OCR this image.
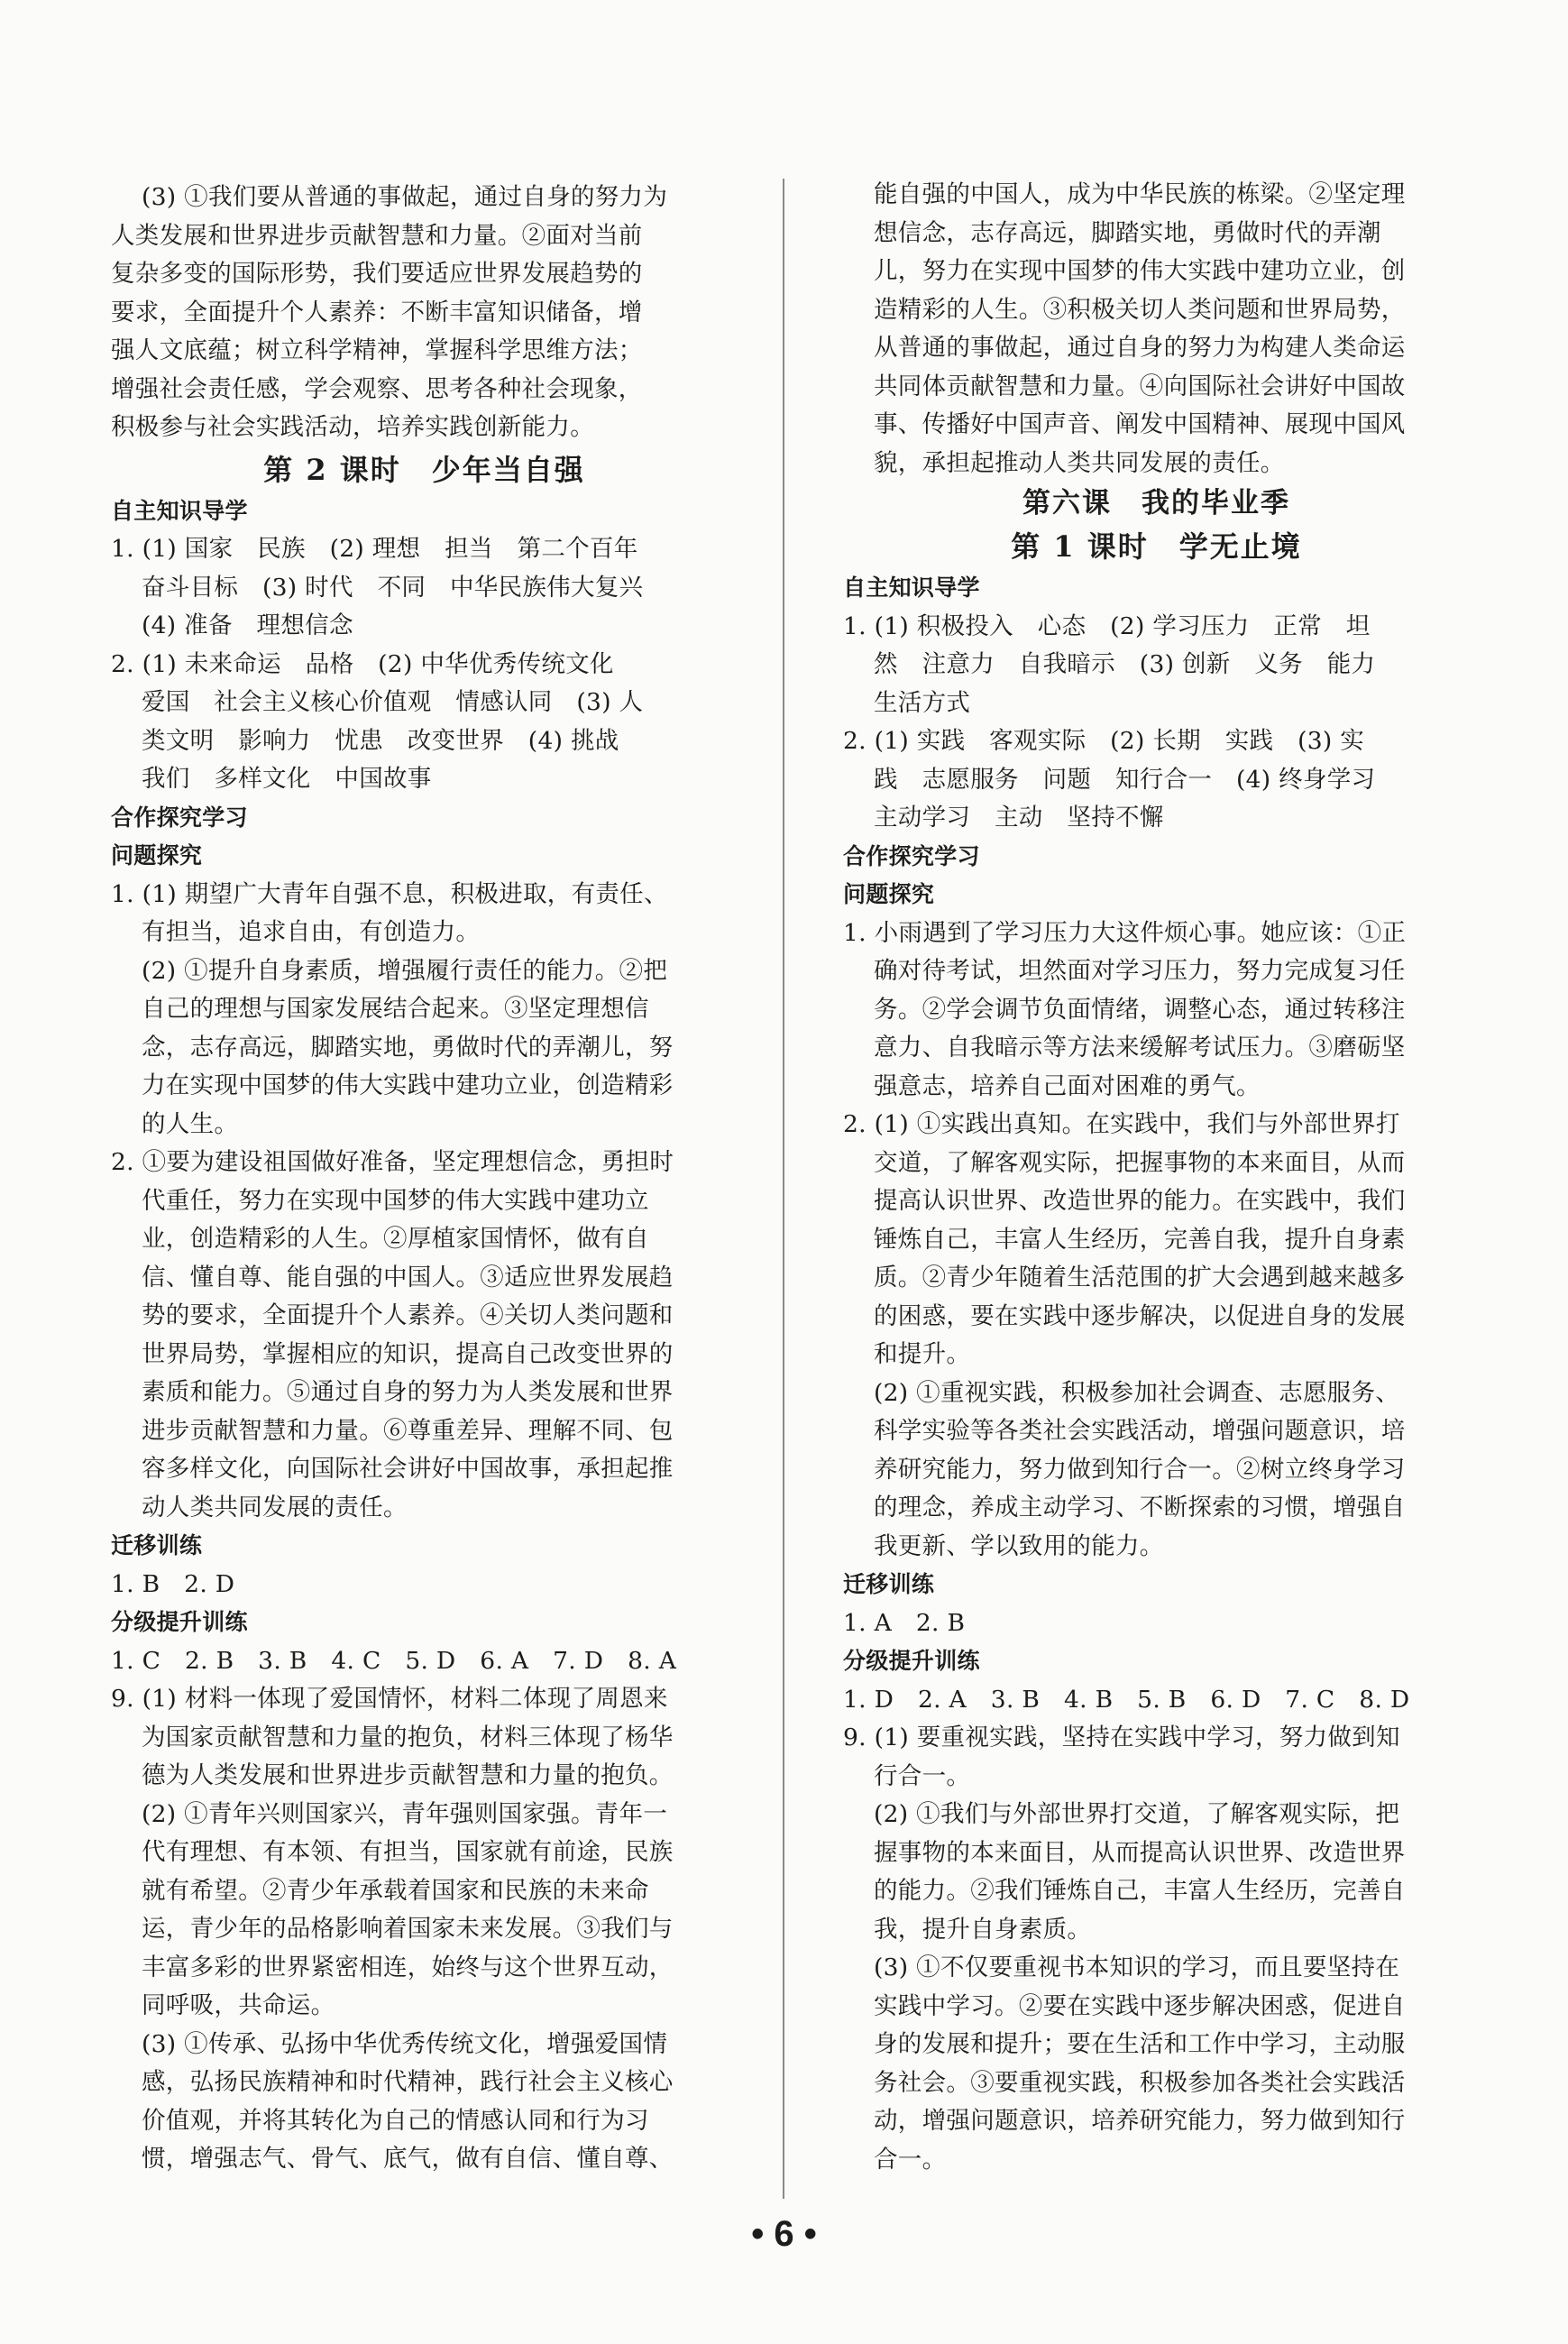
(3) ①我们要从普通的事做起，通过自身的努力为
人类发展和世界进步贡献智慧和力量。②面对当前
复杂多变的国际形势，我们要适应世界发展趋势的
要求，全面提升个人素养：不断丰富知识储备，增
强人文底蕴；树立科学精神，掌握科学思维方法；
增强社会责任感，学会观察、思考各种社会现象，
积极参与社会实践活动，培养实践创新能力。
第 2 课时　少年当自强
自主知识导学
1. (1) 国家　民族　(2) 理想　担当　第二个百年
奋斗目标　(3) 时代　不同　中华民族伟大复兴
(4) 准备　理想信念
2. (1) 未来命运　品格　(2) 中华优秀传统文化
爱国　社会主义核心价值观　情感认同　(3) 人
类文明　影响力　忧患　改变世界　(4) 挑战
我们　多样文化　中国故事
合作探究学习
问题探究
1. (1) 期望广大青年自强不息，积极进取，有责任、
有担当，追求自由，有创造力。
(2) ①提升自身素质，增强履行责任的能力。②把
自己的理想与国家发展结合起来。③坚定理想信
念，志存高远，脚踏实地，勇做时代的弄潮儿，努
力在实现中国梦的伟大实践中建功立业，创造精彩
的人生。
2. ①要为建设祖国做好准备，坚定理想信念，勇担时
代重任，努力在实现中国梦的伟大实践中建功立
业，创造精彩的人生。②厚植家国情怀，做有自
信、懂自尊、能自强的中国人。③适应世界发展趋
势的要求，全面提升个人素养。④关切人类问题和
世界局势，掌握相应的知识，提高自己改变世界的
素质和能力。⑤通过自身的努力为人类发展和世界
进步贡献智慧和力量。⑥尊重差异、理解不同、包
容多样文化，向国际社会讲好中国故事，承担起推
动人类共同发展的责任。
迁移训练
1. B　2. D
分级提升训练
1. C　2. B　3. B　4. C　5. D　6. A　7. D　8. A
9. (1) 材料一体现了爱国情怀，材料二体现了周恩来
为国家贡献智慧和力量的抱负，材料三体现了杨华
德为人类发展和世界进步贡献智慧和力量的抱负。
(2) ①青年兴则国家兴，青年强则国家强。青年一
代有理想、有本领、有担当，国家就有前途，民族
就有希望。②青少年承载着国家和民族的未来命
运，青少年的品格影响着国家未来发展。③我们与
丰富多彩的世界紧密相连，始终与这个世界互动，
同呼吸，共命运。
(3) ①传承、弘扬中华优秀传统文化，增强爱国情
感，弘扬民族精神和时代精神，践行社会主义核心
价值观，并将其转化为自己的情感认同和行为习
惯，增强志气、骨气、底气，做有自信、懂自尊、
能自强的中国人，成为中华民族的栋梁。②坚定理
想信念，志存高远，脚踏实地，勇做时代的弄潮
儿，努力在实现中国梦的伟大实践中建功立业，创
造精彩的人生。③积极关切人类问题和世界局势，
从普通的事做起，通过自身的努力为构建人类命运
共同体贡献智慧和力量。④向国际社会讲好中国故
事、传播好中国声音、阐发中国精神、展现中国风
貌，承担起推动人类共同发展的责任。
第六课　我的毕业季
第 1 课时　学无止境
自主知识导学
1. (1) 积极投入　心态　(2) 学习压力　正常　坦
然　注意力　自我暗示　(3) 创新　义务　能力
生活方式
2. (1) 实践　客观实际　(2) 长期　实践　(3) 实
践　志愿服务　问题　知行合一　(4) 终身学习
主动学习　主动　坚持不懈
合作探究学习
问题探究
1. 小雨遇到了学习压力大这件烦心事。她应该：①正
确对待考试，坦然面对学习压力，努力完成复习任
务。②学会调节负面情绪，调整心态，通过转移注
意力、自我暗示等方法来缓解考试压力。③磨砺坚
强意志，培养自己面对困难的勇气。
2. (1) ①实践出真知。在实践中，我们与外部世界打
交道，了解客观实际，把握事物的本来面目，从而
提高认识世界、改造世界的能力。在实践中，我们
锤炼自己，丰富人生经历，完善自我，提升自身素
质。②青少年随着生活范围的扩大会遇到越来越多
的困惑，要在实践中逐步解决，以促进自身的发展
和提升。
(2) ①重视实践，积极参加社会调查、志愿服务、
科学实验等各类社会实践活动，增强问题意识，培
养研究能力，努力做到知行合一。②树立终身学习
的理念，养成主动学习、不断探索的习惯，增强自
我更新、学以致用的能力。
迁移训练
1. A　2. B
分级提升训练
1. D　2. A　3. B　4. B　5. B　6. D　7. C　8. D
9. (1) 要重视实践，坚持在实践中学习，努力做到知
行合一。
(2) ①我们与外部世界打交道，了解客观实际，把
握事物的本来面目，从而提高认识世界、改造世界
的能力。②我们锤炼自己，丰富人生经历，完善自
我，提升自身素质。
(3) ①不仅要重视书本知识的学习，而且要坚持在
实践中学习。②要在实践中逐步解决困惑，促进自
身的发展和提升；要在生活和工作中学习，主动服
务社会。③要重视实践，积极参加各类社会实践活
动，增强问题意识，培养研究能力，努力做到知行
合一。
• 6 •
